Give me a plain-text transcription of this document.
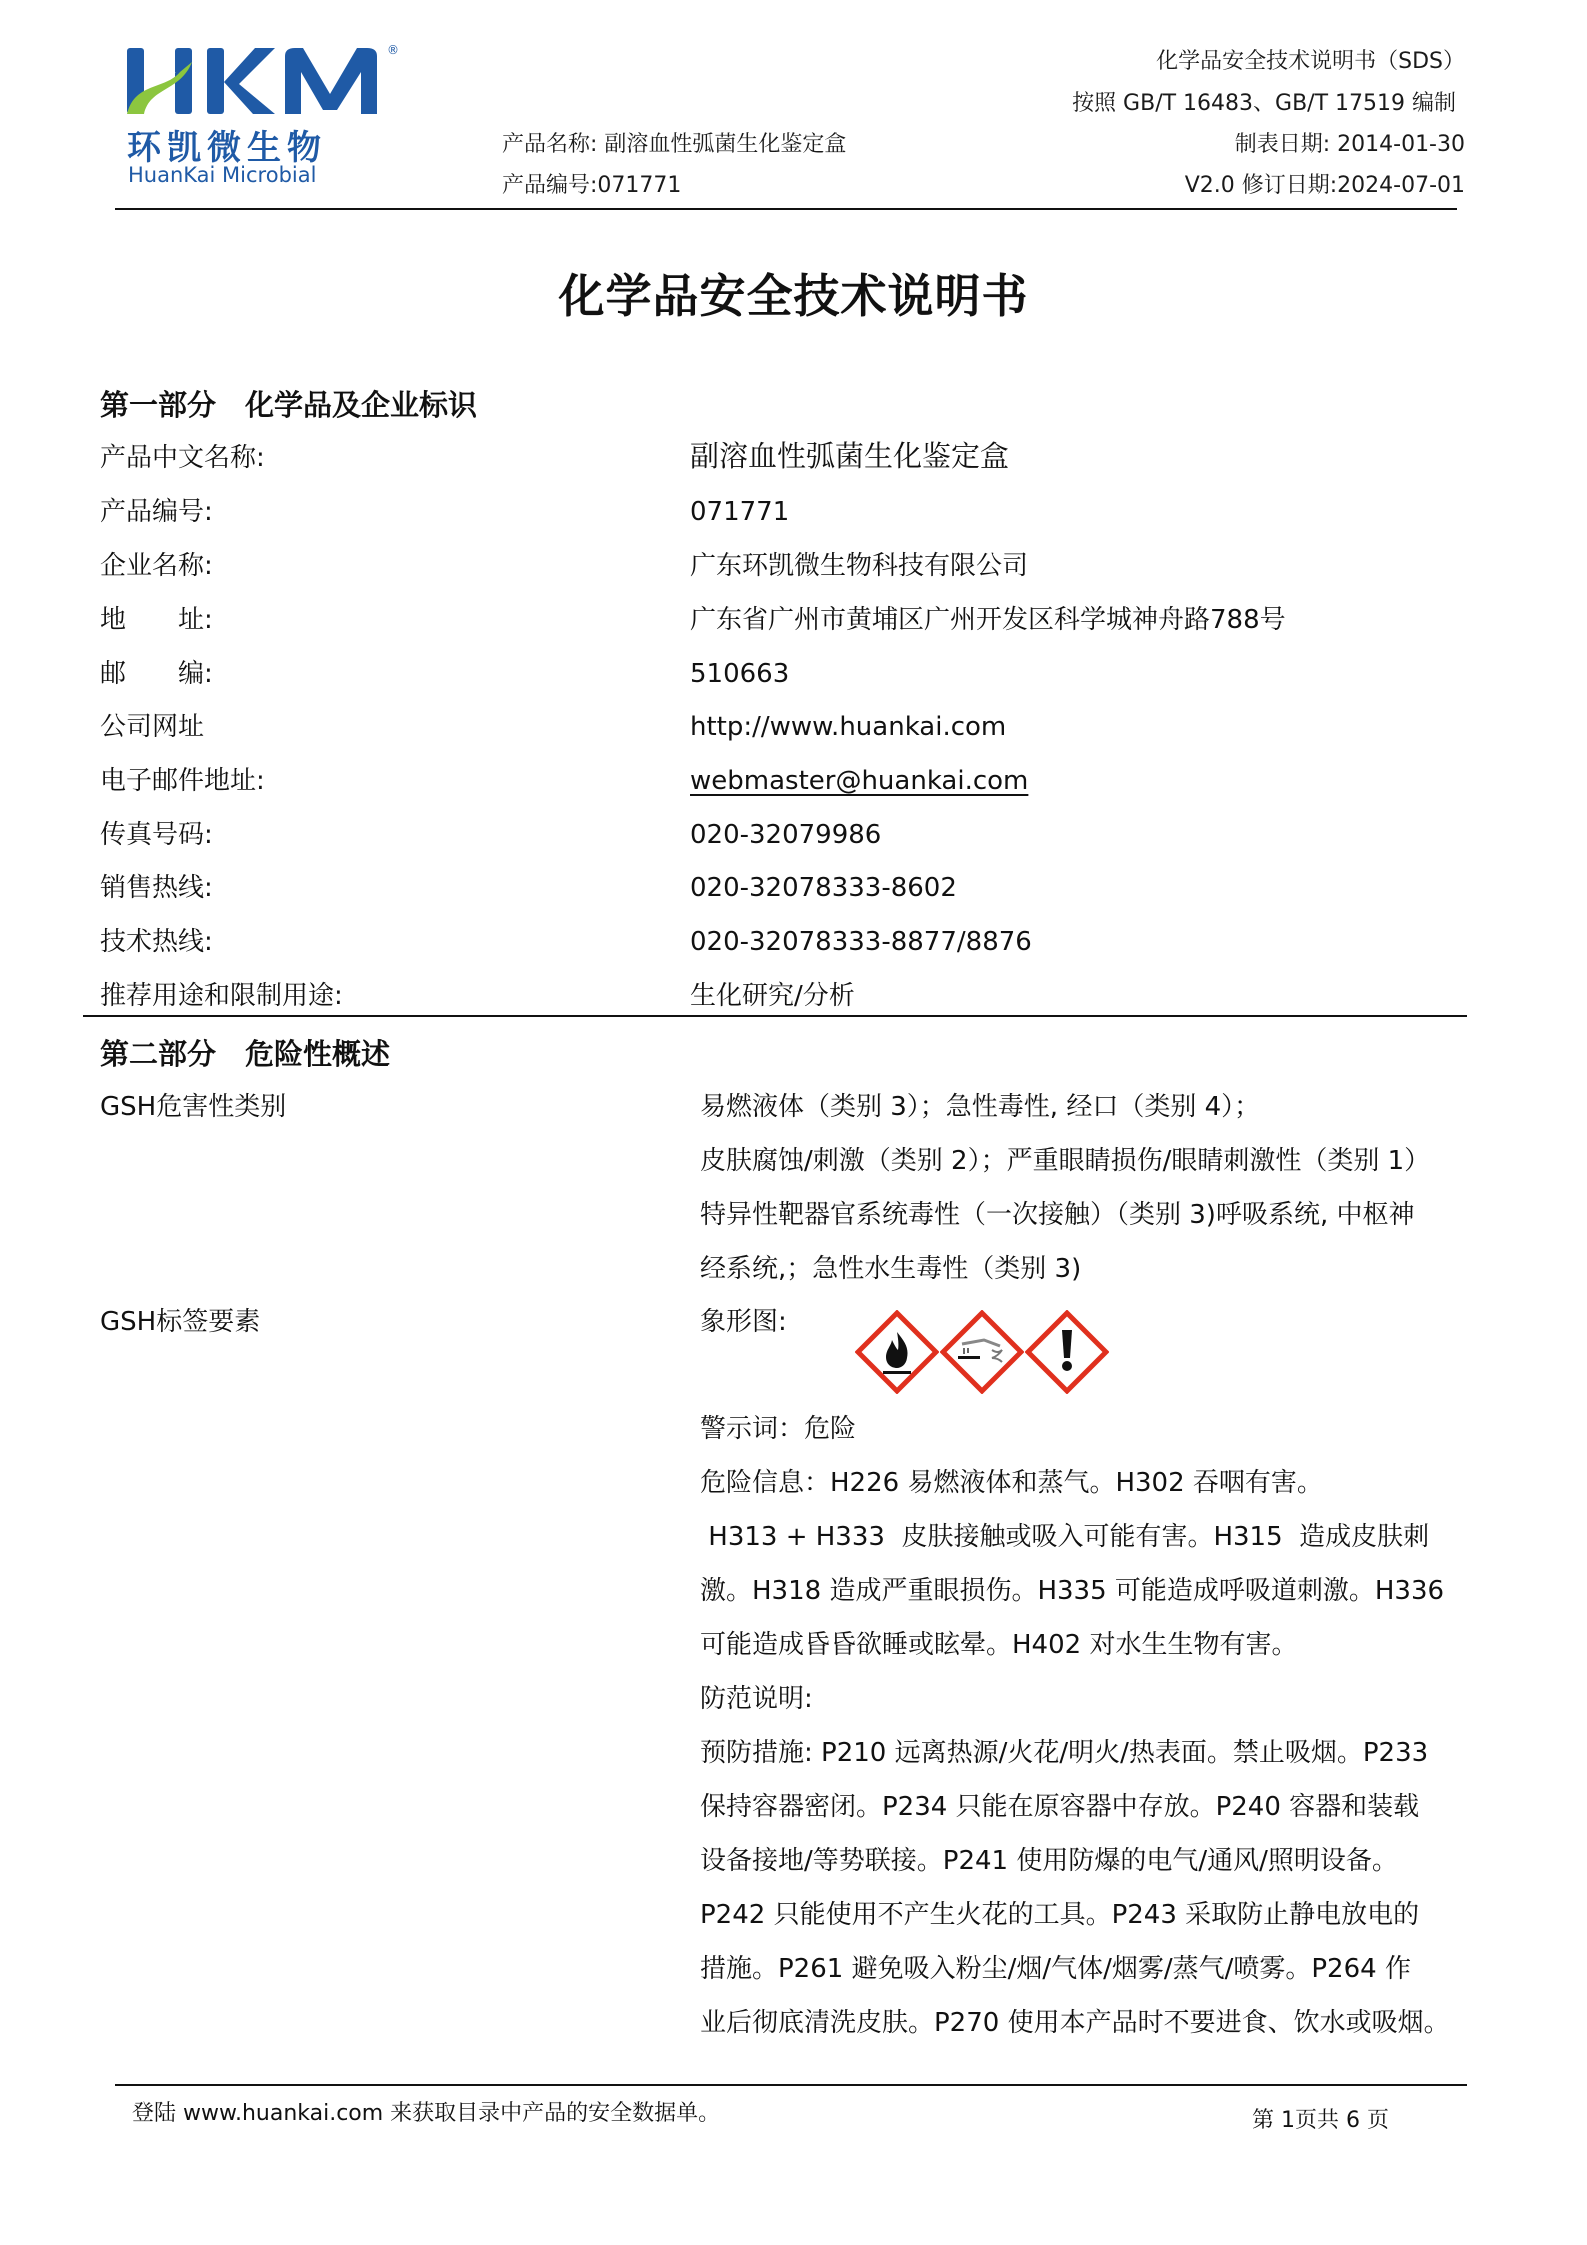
®
环凯微生物
HuanKai Microbial
化学品安全技术说明书（SDS）
按照 GB/T 16483、GB/T 17519 编制
产品名称: 副溶血性弧菌生化鉴定盒	制表日期: 2014-01-30
产品编号:071771	V2.0 修订日期:2024-07-01
化学品安全技术说明书
第一部分　化学品及企业标识
产品中文名称:	副溶血性弧菌生化鉴定盒
产品编号:	071771
企业名称:	广东环凯微生物科技有限公司
地　　址:	广东省广州市黄埔区广州开发区科学城神舟路788号
邮　　编:	510663
公司网址	http://www.huankai.com
电子邮件地址:	webmaster@huankai.com
传真号码:	020-32079986
销售热线:	020-32078333-8602
技术热线:	020-32078333-8877/8876
推荐用途和限制用途:	生化研究/分析
第二部分　危险性概述
GSH危害性类别	易燃液体（类别 3）；急性毒性, 经口（类别 4）；
皮肤腐蚀/刺激（类别 2）；严重眼睛损伤/眼睛刺激性（类别 1）
特异性靶器官系统毒性（一次接触）（类别 3)呼吸系统, 中枢神
经系统,；急性水生毒性（类别 3)
GSH标签要素	象形图:

警示词：危险
危险信息：H226 易燃液体和蒸气。H302 吞咽有害。
H313 + H333  皮肤接触或吸入可能有害。H315  造成皮肤刺
激。H318 造成严重眼损伤。H335 可能造成呼吸道刺激。H336
可能造成昏昏欲睡或眩晕。H402 对水生生物有害。
防范说明:
预防措施: P210 远离热源/火花/明火/热表面。禁止吸烟。P233
保持容器密闭。P234 只能在原容器中存放。P240 容器和装载
设备接地/等势联接。P241 使用防爆的电气/通风/照明设备。
P242 只能使用不产生火花的工具。P243 采取防止静电放电的
措施。P261 避免吸入粉尘/烟/气体/烟雾/蒸气/喷雾。P264 作
业后彻底清洗皮肤。P270 使用本产品时不要进食、饮水或吸烟。
登陆 www.huankai.com 来获取目录中产品的安全数据单。	第 1页共 6 页
